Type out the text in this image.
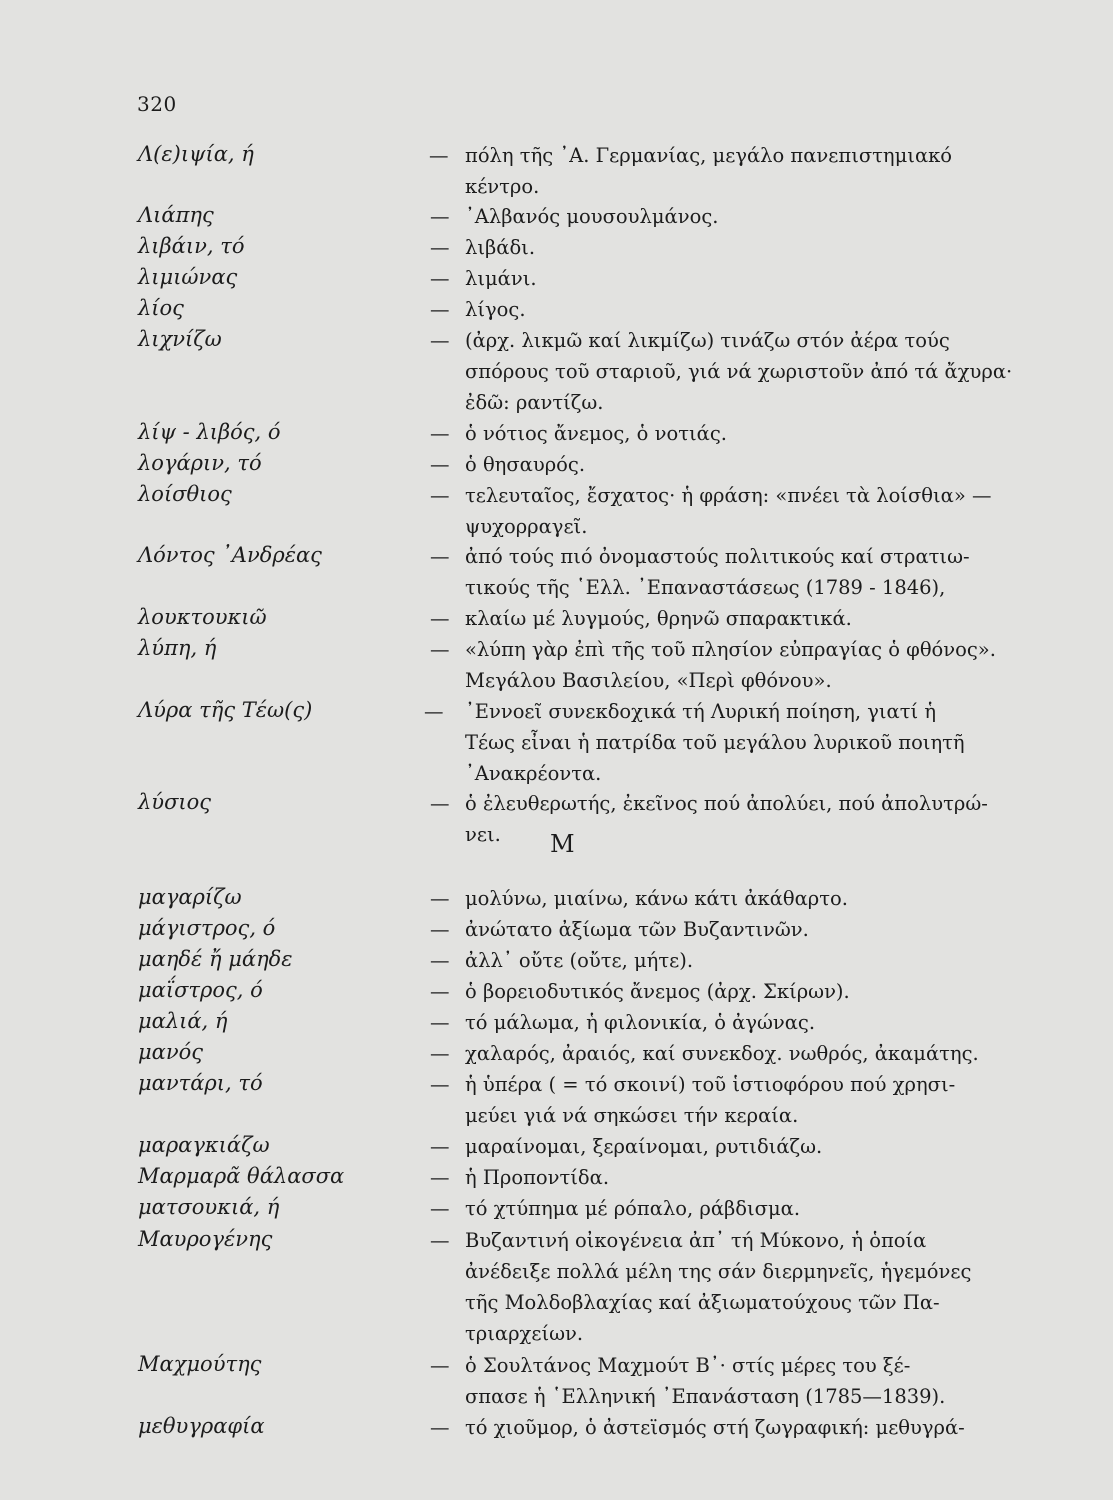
320
Λ(ε)ιψία, ή	— πόλη τῆς ᾿Α. Γερμανίας, μεγάλο πανεπιστημιακό
κέντρο.
Λιάπης	— ᾿Αλβανός μουσουλμάνος.
λιβάιν, τό	— λιβάδι.
λιμιώνας	— λιμάνι.
λίος	— λίγος.
λιχνίζω	— (ἀρχ. λικμῶ καί λικμίζω) τινάζω στόν ἀέρα τούς
σπόρους τοῦ σταριοῦ, γιά νά χωριστοῦν ἀπό τά ἄχυρα·
ἐδῶ: ραντίζω.
λίψ - λιβός, ό	— ὁ νότιος ἄνεμος, ὁ νοτιάς.
λογάριν, τό	— ὁ θησαυρός.
λοίσθιος	— τελευταῖος, ἔσχατος· ἡ φράση: «πνέει τὰ λοίσθια» —
ψυχορραγεῖ.
Λόντος ᾿Ανδρέας	— ἀπό τούς πιό ὀνομαστούς πολιτικούς καί στρατιω-
τικούς τῆς ῾Ελλ. ᾿Επαναστάσεως (1789 - 1846),
λουκτουκιῶ	— κλαίω μέ λυγμούς, θρηνῶ σπαρακτικά.
λύπη, ή	— «λύπη γὰρ ἐπὶ τῆς τοῦ πλησίον εὐπραγίας ὁ φθόνος».
Μεγάλου Βασιλείου, «Περὶ φθόνου».
Λύρα τῆς Τέω(ς)	— ᾿Εννοεῖ συνεκδοχικά τή Λυρική ποίηση, γιατί ἡ
Τέως εἶναι ἡ πατρίδα τοῦ μεγάλου λυρικοῦ ποιητῆ
᾿Ανακρέοντα.
λύσιος	— ὁ ἐλευθερωτής, ἐκεῖνος πού ἀπολύει, πού ἀπολυτρώ-
νει.	Μ
μαγαρίζω	— μολύνω, μιαίνω, κάνω κάτι ἀκάθαρτο.
μάγιστρος, ό	— ἀνώτατο ἀξίωμα τῶν Βυζαντινῶν.
μαηδέ ἤ μάηδε	— ἀλλ᾿ οὔτε (οὔτε, μήτε).
μαΐστρος, ό	— ὁ βορειοδυτικός ἄνεμος (ἀρχ. Σκίρων).
μαλιά, ή	— τό μάλωμα, ἡ φιλονικία, ὁ ἀγώνας.
μανός	— χαλαρός, ἀραιός, καί συνεκδοχ. νωθρός, ἀκαμάτης.
μαντάρι, τό	— ἡ ὑπέρα ( = τό σκοινί) τοῦ ἱστιοφόρου πού χρησι-
μεύει γιά νά σηκώσει τήν κεραία.
μαραγκιάζω	— μαραίνομαι, ξεραίνομαι, ρυτιδιάζω.
Μαρμαρᾶ θάλασσα	— ἡ Προποντίδα.
ματσουκιά, ή	— τό χτύπημα μέ ρόπαλο, ράβδισμα.
Μαυρογένης	— Βυζαντινή οἰκογένεια ἀπ᾿ τή Μύκονο, ἡ ὁποία
ἀνέδειξε πολλά μέλη της σάν διερμηνεῖς, ἡγεμόνες
τῆς Μολδοβλαχίας καί ἀξιωματούχους τῶν Πα-
τριαρχείων.
Μαχμούτης	— ὁ Σουλτάνος Μαχμούτ Β᾿· στίς μέρες του ξέ-
σπασε ἡ ῾Ελληνική ᾿Επανάσταση (1785—1839).
μεθυγραφία	— τό χιοῦμορ, ὁ ἀστεϊσμός στή ζωγραφική: μεθυγρά-
